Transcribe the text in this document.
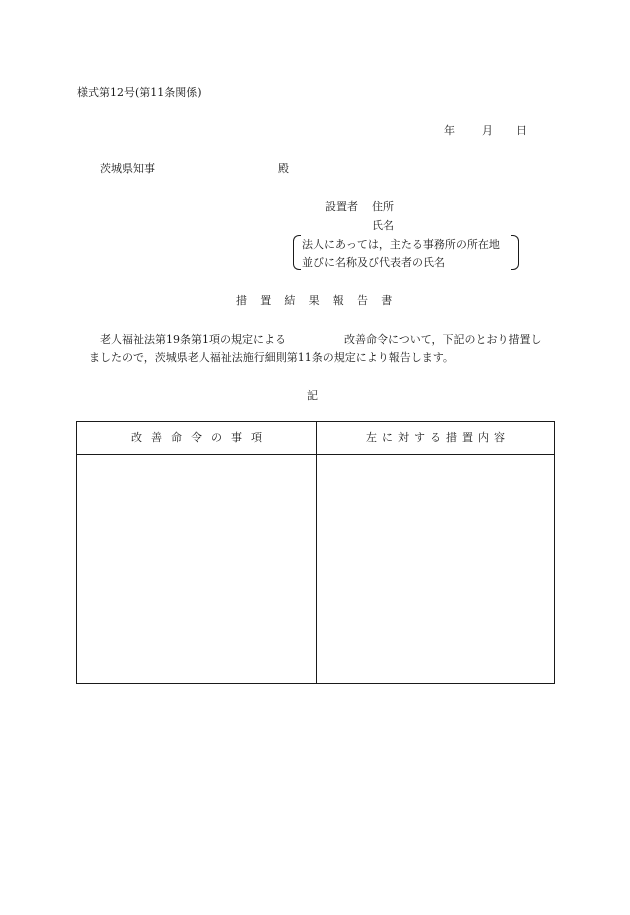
様式第12号(第11条関係)
年 月 日
茨城県知事	殿
設置者 住所
氏名
法人にあっては，主たる事務所の所在地
並びに名称及び代表者の氏名
措置結果報告書
老人福祉法第19条第1項の規定による	改善命令について，下記のとおり措置し
ましたので，茨城県老人福祉法施行細則第11条の規定により報告します。
記
改善命令の事項	左に対する措置内容
